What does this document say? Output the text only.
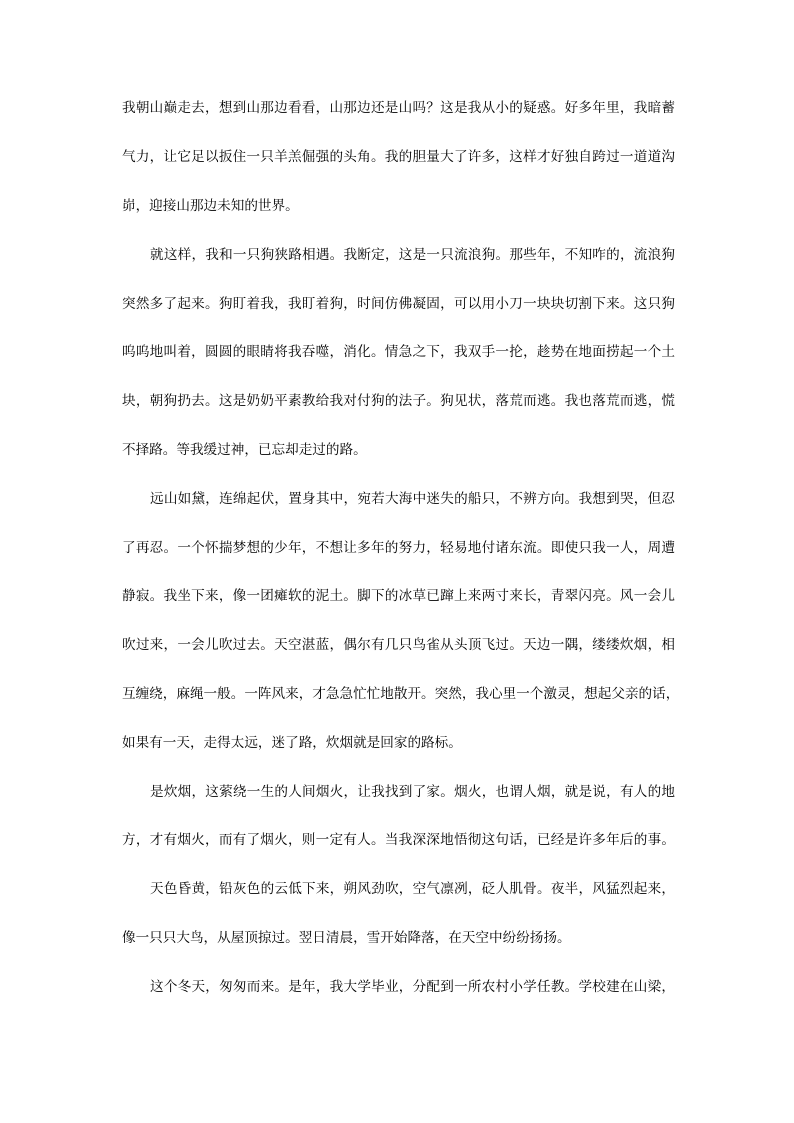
我朝山巅走去，想到山那边看看，山那边还是山吗？这是我从小的疑惑。好多年里，我暗蓄
气力，让它足以扳住一只羊羔倔强的头角。我的胆量大了许多，这样才好独自跨过一道道沟
峁，迎接山那边未知的世界。
就这样，我和一只狗狭路相遇。我断定，这是一只流浪狗。那些年，不知咋的，流浪狗
突然多了起来。狗盯着我，我盯着狗，时间仿佛凝固，可以用小刀一块块切割下来。这只狗
呜呜地叫着，圆圆的眼睛将我吞噬，消化。情急之下，我双手一抡，趁势在地面捞起一个土
块，朝狗扔去。这是奶奶平素教给我对付狗的法子。狗见状，落荒而逃。我也落荒而逃，慌
不择路。等我缓过神，已忘却走过的路。
远山如黛，连绵起伏，置身其中，宛若大海中迷失的船只，不辨方向。我想到哭，但忍
了再忍。一个怀揣梦想的少年，不想让多年的努力，轻易地付诸东流。即使只我一人，周遭
静寂。我坐下来，像一团瘫软的泥土。脚下的冰草已蹿上来两寸来长，青翠闪亮。风一会儿
吹过来，一会儿吹过去。天空湛蓝，偶尔有几只鸟雀从头顶飞过。天边一隅，缕缕炊烟，相
互缠绕，麻绳一般。一阵风来，才急急忙忙地散开。突然，我心里一个激灵，想起父亲的话，
如果有一天，走得太远，迷了路，炊烟就是回家的路标。
是炊烟，这萦绕一生的人间烟火，让我找到了家。烟火，也谓人烟，就是说，有人的地
方，才有烟火，而有了烟火，则一定有人。当我深深地悟彻这句话，已经是许多年后的事。
天色昏黄，铅灰色的云低下来，朔风劲吹，空气凛冽，砭人肌骨。夜半，风猛烈起来，
像一只只大鸟，从屋顶掠过。翌日清晨，雪开始降落，在天空中纷纷扬扬。
这个冬天，匆匆而来。是年，我大学毕业，分配到一所农村小学任教。学校建在山梁，
